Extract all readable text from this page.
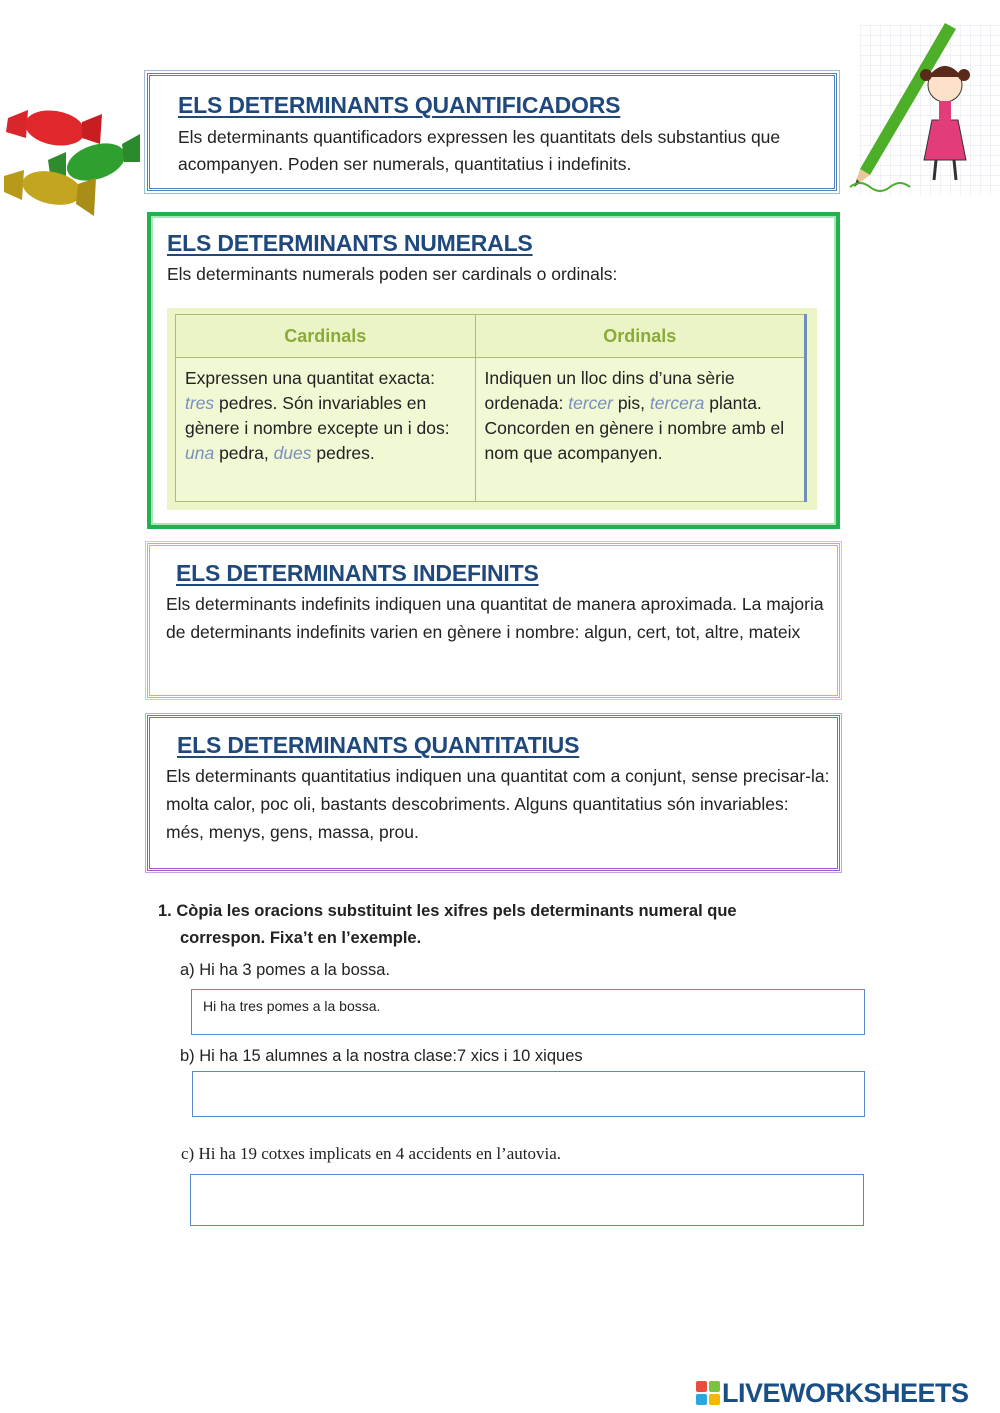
ELS DETERMINANTS QUANTIFICADORS

Els determinants quantificadors expressen les quantitats dels substantius que acompanyen. Poden ser numerals, quantitatius i indefinits.

ELS DETERMINANTS NUMERALS

Els determinants numerals poden ser cardinals o ordinals:

Cardinals	Ordinals
Expressen una quantitat exacta: tres pedres. Són invariables en gènere i nombre excepte un i dos: una pedra, dues pedres.	Indiquen un lloc dins d’una sèrie ordenada: tercer pis, tercera planta. Concorden en gènere i nombre amb el nom que acompanyen.
ELS DETERMINANTS INDEFINITS

Els determinants indefinits indiquen una quantitat de manera aproximada. La majoria de determinants indefinits varien en gènere i nombre: algun, cert, tot, altre, mateix

ELS DETERMINANTS QUANTITATIUS

Els determinants quantitatius indiquen una quantitat com a conjunt, sense precisar-la: molta calor, poc oli, bastants descobriments. Alguns quantitatius són invariables: més, menys, gens, massa, prou.

1. Còpia les oracions substituint les xifres pels determinants numeral que correspon. Fixa’t en l’exemple.

a) Hi ha 3 pomes a la bossa.
Hi ha tres pomes a la bossa.
b) Hi ha 15 alumnes a la nostra clase:7 xics i 10 xiques
c) Hi ha 19 cotxes implicats en 4 accidents en l’autovia.
LIVEWORKSHEETS
